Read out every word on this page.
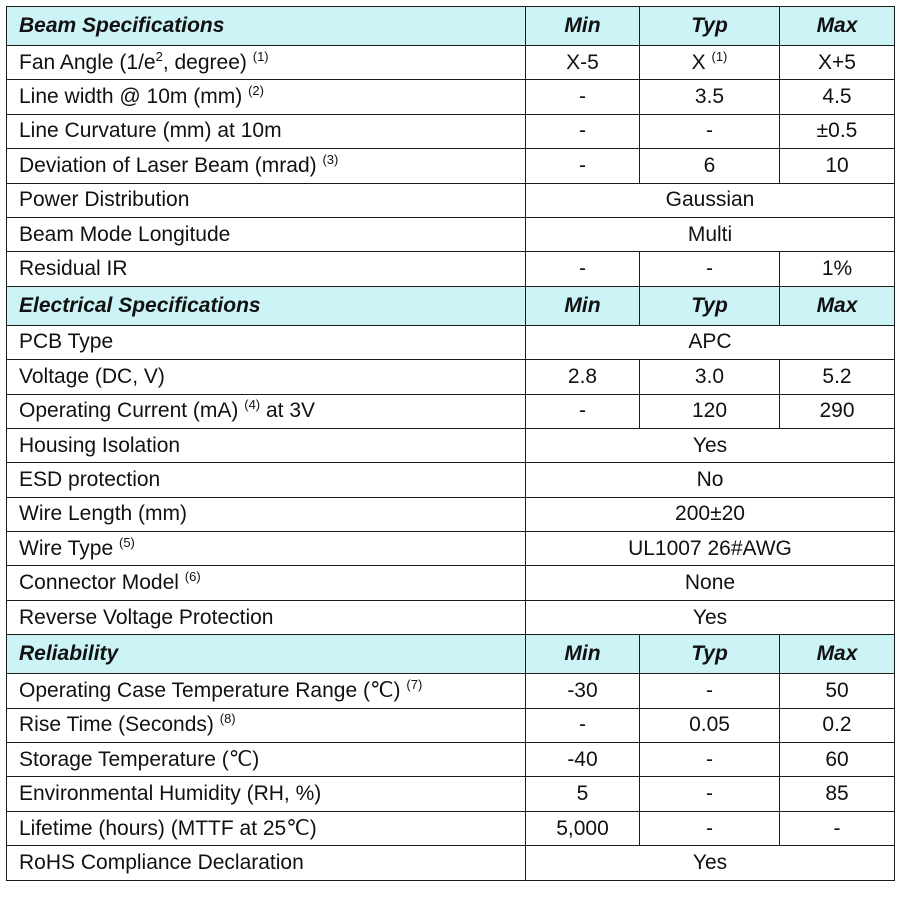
Beam Specifications	Min	Typ	Max
Fan Angle ($1/e^2$, degree) $^{(1)}$	X-5	X $^{(1)}$	X+5
Line width @ 10m (mm) $^{(2)}$	-	3.5	4.5
Line Curvature (mm) at 10m	-	-	±0.5
Deviation of Laser Beam (mrad) $^{(3)}$	-	6	10
Power Distribution	Gaussian		
Beam Mode Longitude	Multi		
Residual IR	-	-	1%
Electrical Specifications	Min	Typ	Max
PCB Type	APC		
Voltage (DC, V)	2.8	3.0	5.2
Operating Current (mA) $^{(4)}$ at 3V	-	120	290
Housing Isolation	Yes		
ESD protection	No		
Wire Length (mm)	200±20		
Wire Type $^{(5)}$	UL1007 26#AWG		
Connector Model $^{(6)}$	None		
Reverse Voltage Protection	Yes		
Reliability	Min	Typ	Max
Operating Case Temperature Range (℃) $^{(7)}$	-30	-	50
Rise Time (Seconds) $^{(8)}$	-	0.05	0.2
Storage Temperature (℃)	-40	-	60
Environmental Humidity (RH, %)	5	-	85
Lifetime (hours) (MTTF at 25℃)	5,000	-	-
RoHS Compliance Declaration	Yes		
